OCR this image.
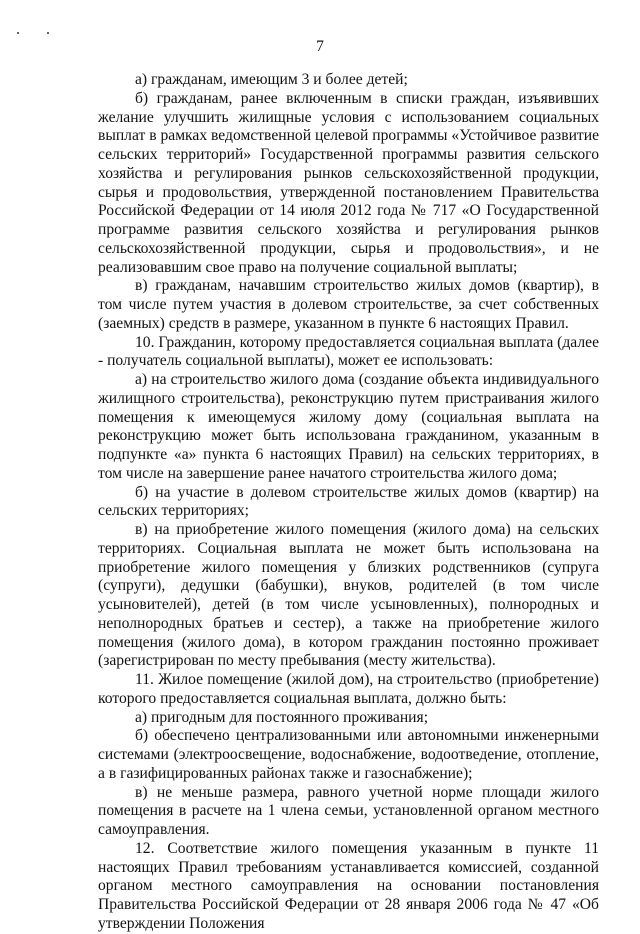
7

а) гражданам, имеющим 3 и более детей;

б) гражданам, ранее включенным в списки граждан, изъявивших желание улучшить жилищные условия с использованием социальных выплат в рамках ведомственной целевой программы «Устойчивое развитие сельских территорий» Государственной программы развития сельского хозяйства и регулирования рынков сельскохозяйственной продукции, сырья и продовольствия, утвержденной постановлением Правительства Российской Федерации от 14 июля 2012 года № 717 «О Государственной программе развития сельского хозяйства и регулирования рынков сельскохозяйственной продукции, сырья и продовольствия», и не реализовавшим свое право на получение социальной выплаты;

в) гражданам, начавшим строительство жилых домов (квартир), в том числе путем участия в долевом строительстве, за счет собственных (заемных) средств в размере, указанном в пункте 6 настоящих Правил.

10. Гражданин, которому предоставляется социальная выплата (далее - получатель социальной выплаты), может ее использовать:

а) на строительство жилого дома (создание объекта индивидуального жилищного строительства), реконструкцию путем пристраивания жилого помещения к имеющемуся жилому дому (социальная выплата на реконструкцию может быть использована гражданином, указанным в подпункте «а» пункта 6 настоящих Правил) на сельских территориях, в том числе на завершение ранее начатого строительства жилого дома;

б) на участие в долевом строительстве жилых домов (квартир) на сельских территориях;

в) на приобретение жилого помещения (жилого дома) на сельских территориях. Социальная выплата не может быть использована на приобретение жилого помещения у близких родственников (супруга (супруги), дедушки (бабушки), внуков, родителей (в том числе усыновителей), детей (в том числе усыновленных), полнородных и неполнородных братьев и сестер), а также на приобретение жилого помещения (жилого дома), в котором гражданин постоянно проживает (зарегистрирован по месту пребывания (месту жительства).

11. Жилое помещение (жилой дом), на строительство (приобретение) которого предоставляется социальная выплата, должно быть:

а) пригодным для постоянного проживания;

б) обеспечено централизованными или автономными инженерными системами (электроосвещение, водоснабжение, водоотведение, отопление, а в газифицированных районах также и газоснабжение);

в) не меньше размера, равного учетной норме площади жилого помещения в расчете на 1 члена семьи, установленной органом местного самоуправления.

12. Соответствие жилого помещения указанным в пункте 11 настоящих Правил требованиям устанавливается комиссией, созданной органом местного самоуправления на основании постановления Правительства Российской Федерации от 28 января 2006 года № 47 «Об утверждении Положения
